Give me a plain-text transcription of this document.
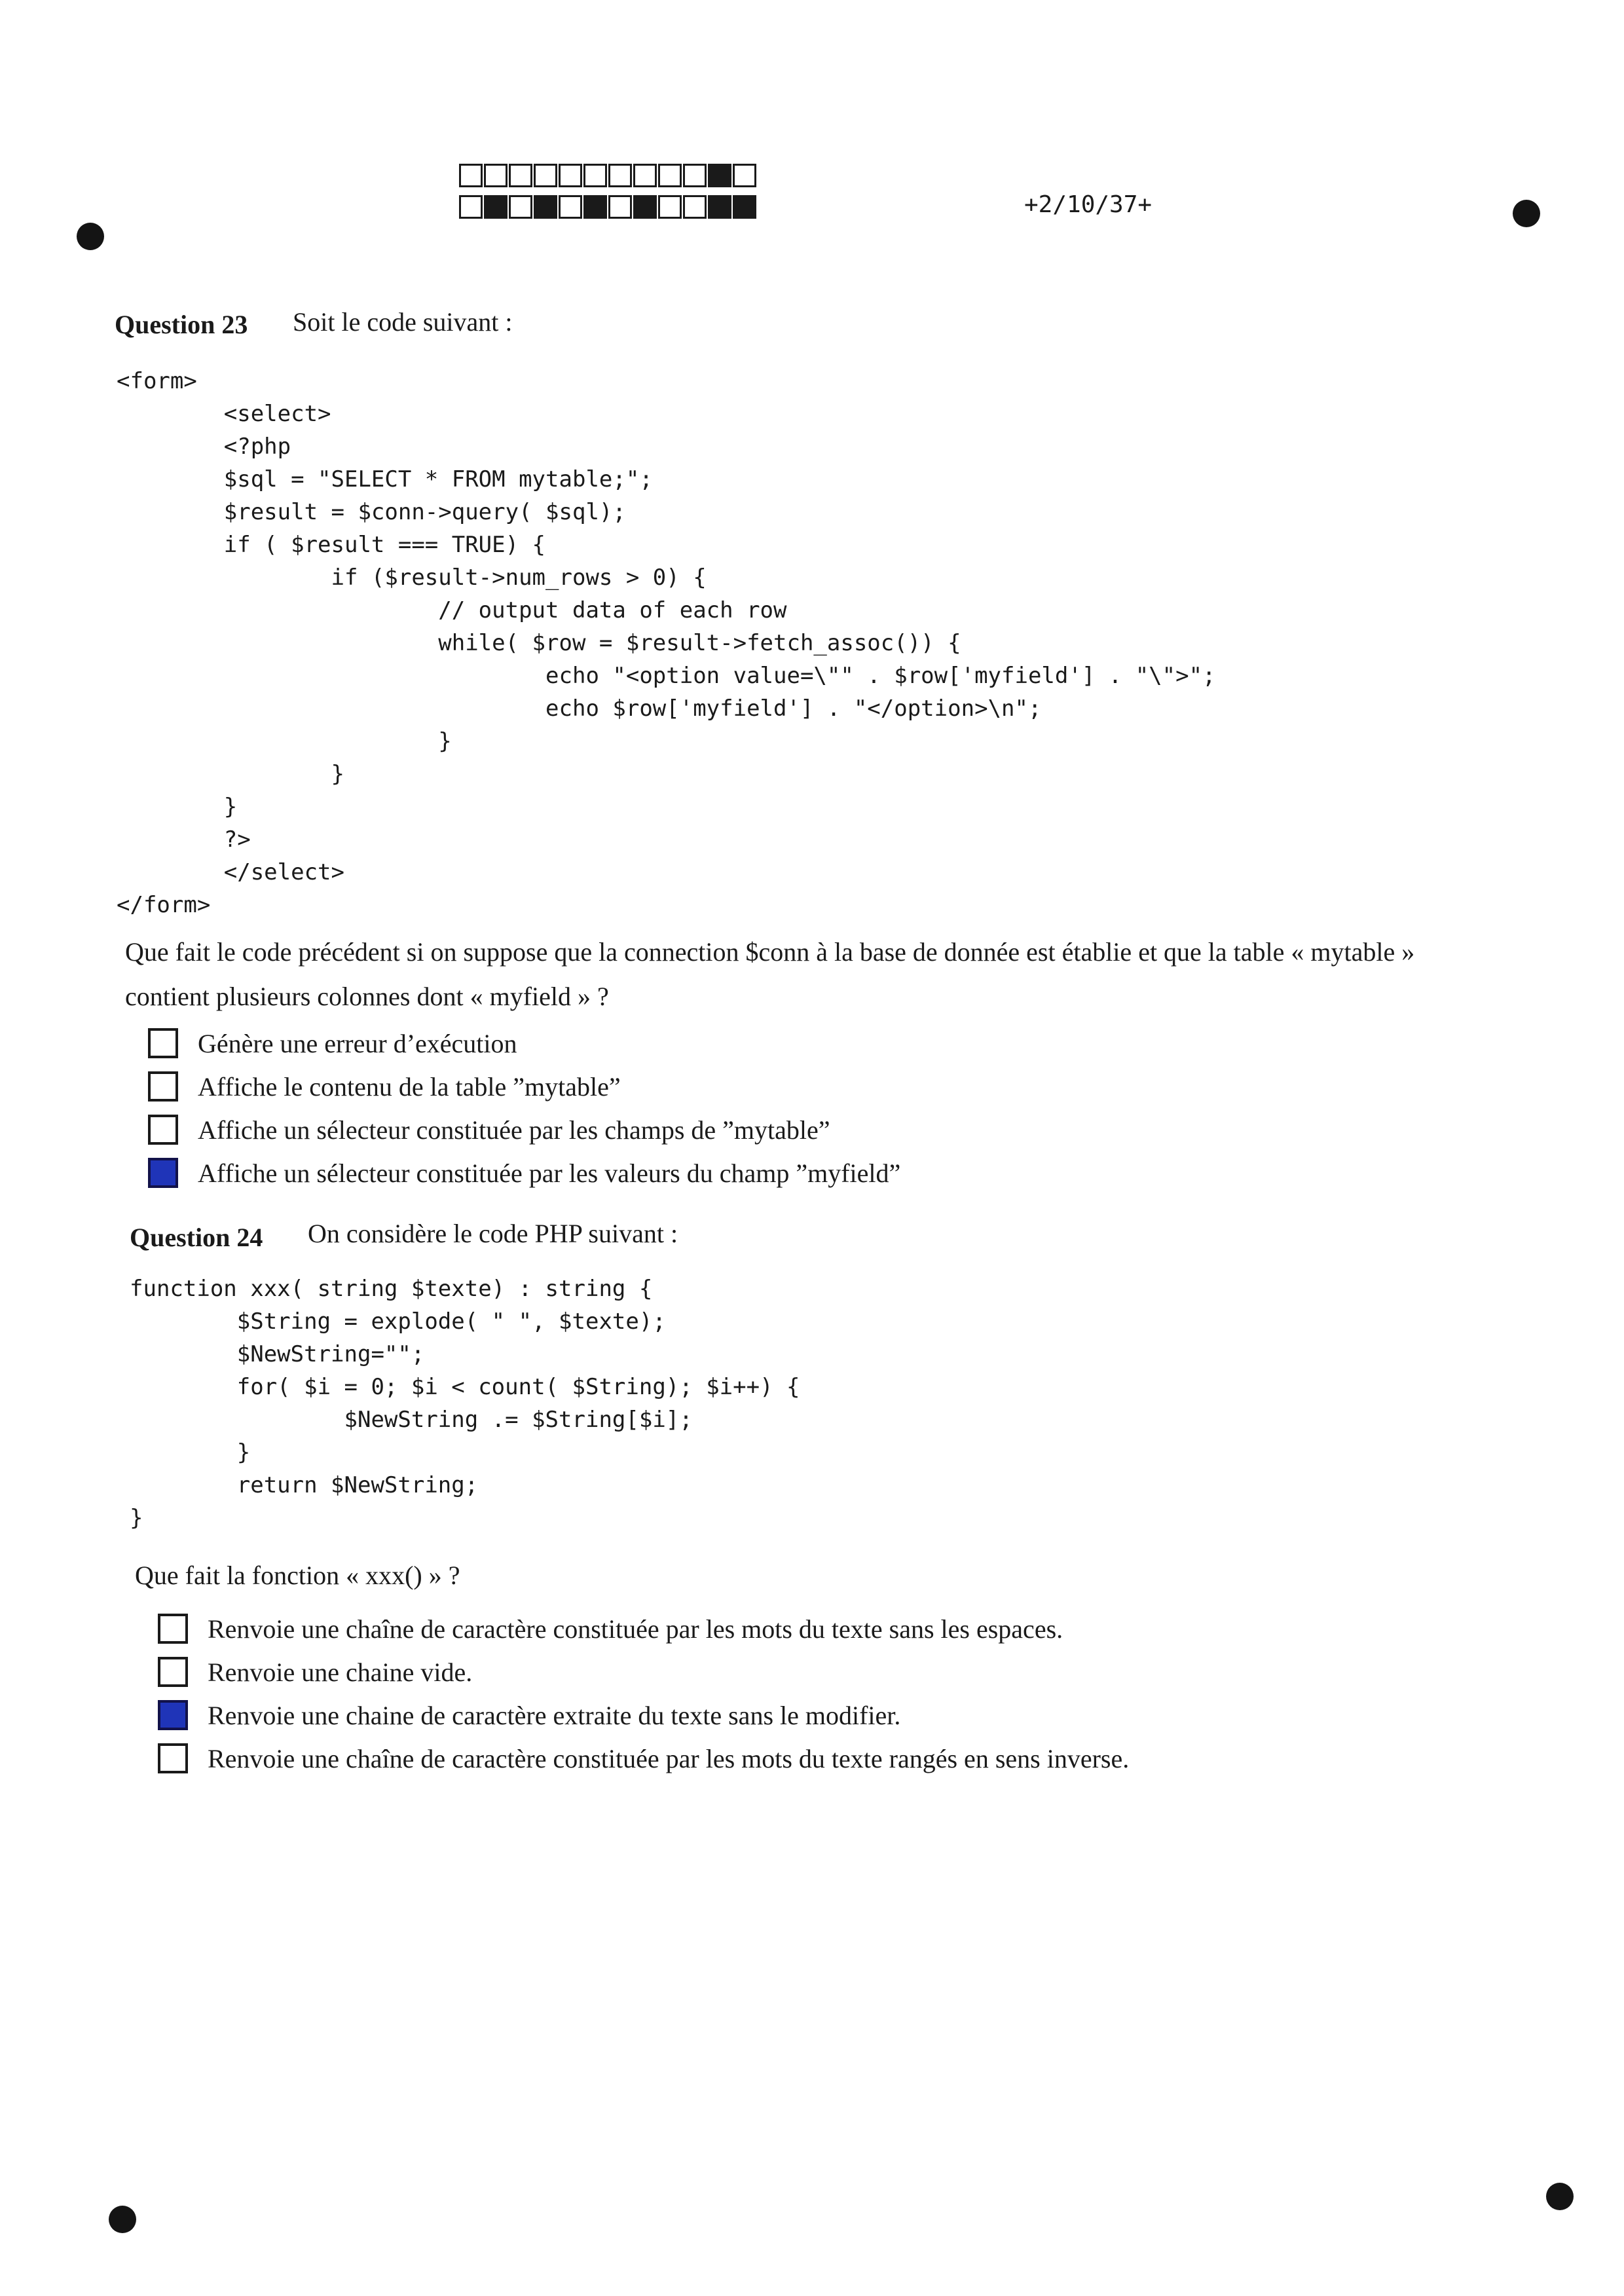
+2/10/37+
Question 23 Soit le code suivant :
<form>
<select>
<?php
$sql = "SELECT * FROM mytable;";
$result = $conn->query( $sql);
if ( $result === TRUE) {
if ($result->num_rows > 0) {
// output data of each row
while( $row = $result->fetch_assoc()) {
echo "<option value=\"" . $row['myfield'] . "\">";
echo $row['myfield'] . "</option>\n";
}
}
}
?>
</select>
</form>

Que fait le code précédent si on suppose que la connection $conn à la base de donnée est établie et que la table « mytable »
contient plusieurs colonnes dont « myfield » ?
Génère une erreur d’exécution
Affiche le contenu de la table ”mytable”
Affiche un sélecteur constituée par les champs de ”mytable”
Affiche un sélecteur constituée par les valeurs du champ ”myfield”
Question 24 On considère le code PHP suivant :
function xxx( string $texte) : string {
$String = explode( " ", $texte);
$NewString="";
for( $i = 0; $i < count( $String); $i++) {
$NewString .= $String[$i];
}
return $NewString;
}

Que fait la fonction « xxx() » ?
Renvoie une chaîne de caractère constituée par les mots du texte sans les espaces.
Renvoie une chaine vide.
Renvoie une chaine de caractère extraite du texte sans le modifier.
Renvoie une chaîne de caractère constituée par les mots du texte rangés en sens inverse.
